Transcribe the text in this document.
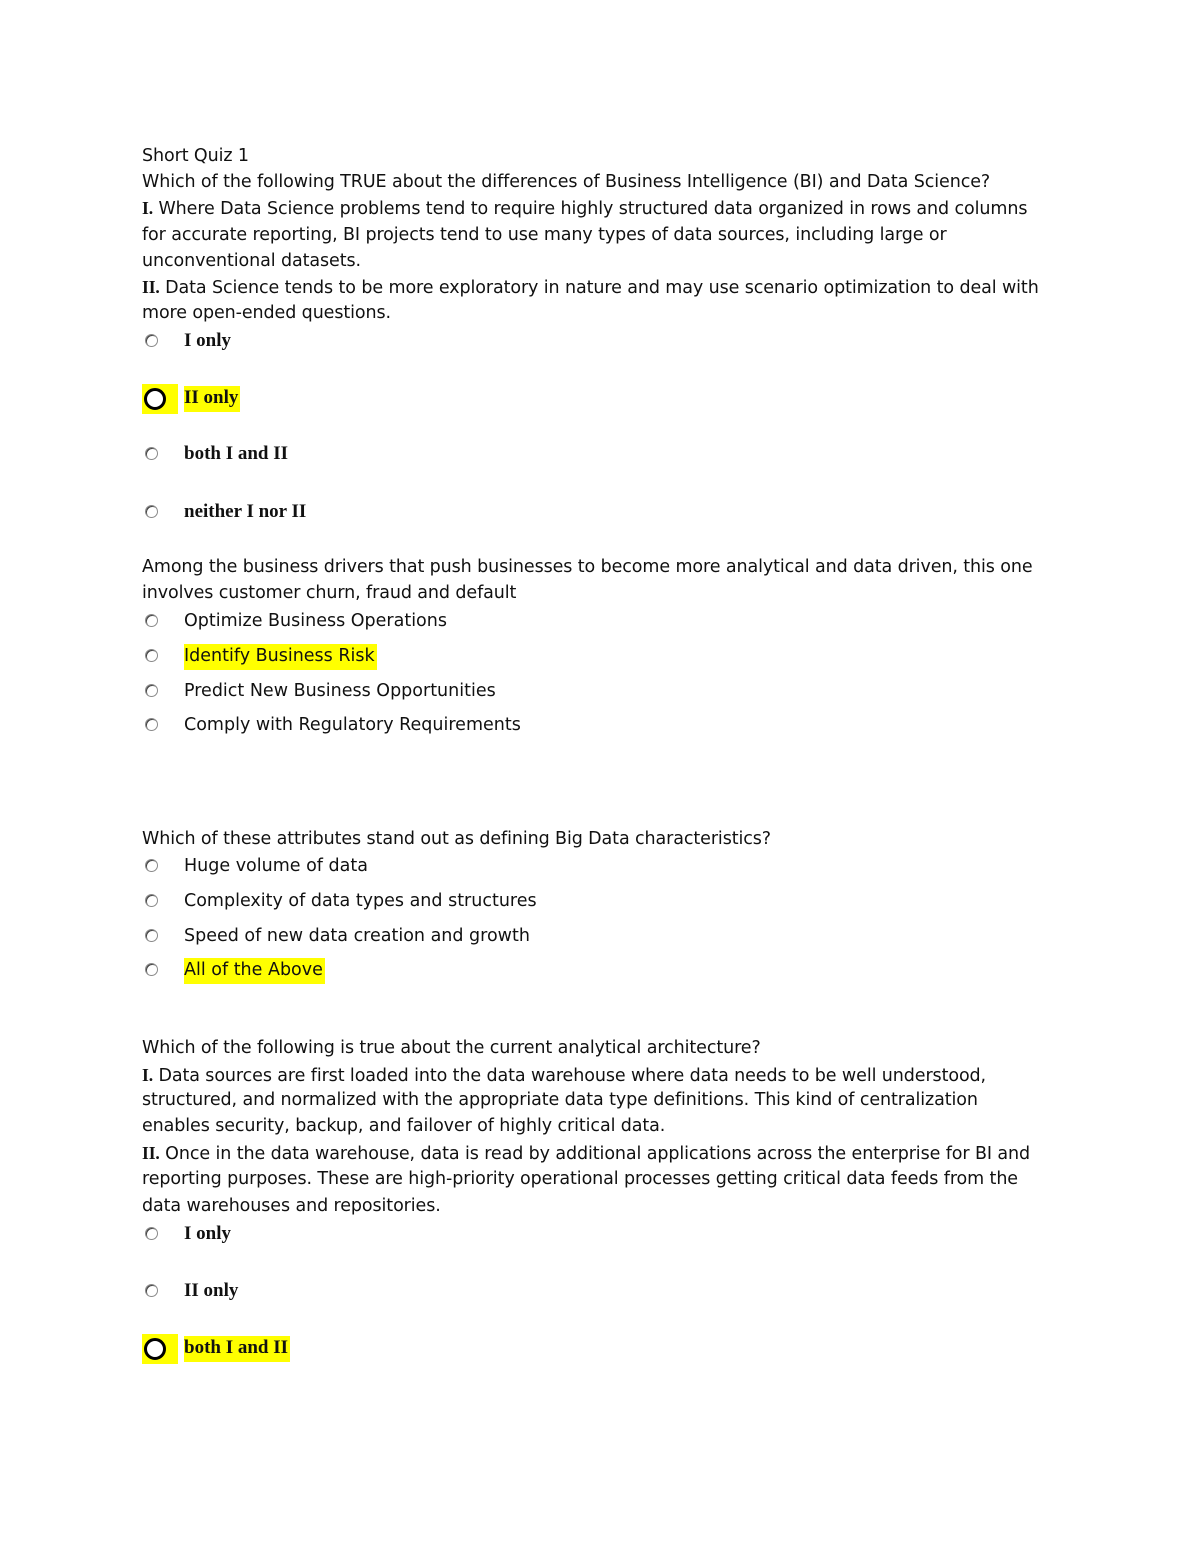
Short Quiz 1
Which of the following TRUE about the differences of Business Intelligence (BI) and Data Science?
I. Where Data Science problems tend to require highly structured data organized in rows and columns
for accurate reporting, BI projects tend to use many types of data sources, including large or
unconventional datasets.
II. Data Science tends to be more exploratory in nature and may use scenario optimization to deal with
more open-ended questions.
I only
II only
both I and II
neither I nor II
Among the business drivers that push businesses to become more analytical and data driven, this one
involves customer churn, fraud and default
Optimize Business Operations
Identify Business Risk
Predict New Business Opportunities
Comply with Regulatory Requirements
Which of these attributes stand out as defining Big Data characteristics?
Huge volume of data
Complexity of data types and structures
Speed of new data creation and growth
All of the Above
Which of the following is true about the current analytical architecture?
I. Data sources are first loaded into the data warehouse where data needs to be well understood,
structured, and normalized with the appropriate data type definitions. This kind of centralization
enables security, backup, and failover of highly critical data.
II. Once in the data warehouse, data is read by additional applications across the enterprise for BI and
reporting purposes. These are high-priority operational processes getting critical data feeds from the
data warehouses and repositories.
I only
II only
both I and II
